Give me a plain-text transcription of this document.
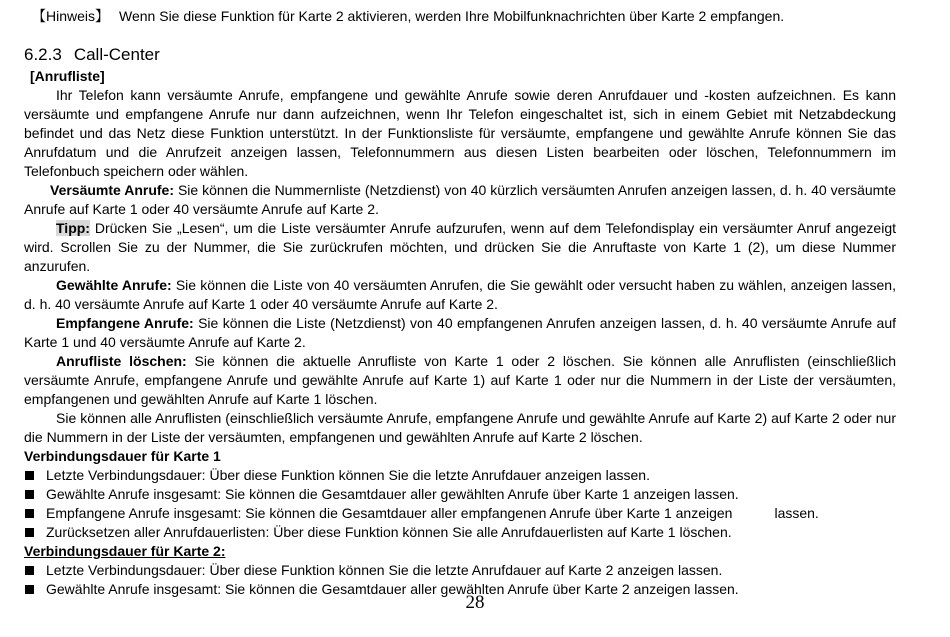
【Hinweis】 Wenn Sie diese Funktion für Karte 2 aktivieren, werden Ihre Mobilfunknachrichten über Karte 2 empfangen.
6.2.3 Call-Center
[Anrufliste]

Ihr Telefon kann versäumte Anrufe, empfangene und gewählte Anrufe sowie deren Anrufdauer und -kosten aufzeichnen. Es kann versäumte und empfangene Anrufe nur dann aufzeichnen, wenn Ihr Telefon eingeschaltet ist, sich in einem Gebiet mit Netzabdeckung befindet und das Netz diese Funktion unterstützt. In der Funktionsliste für versäumte, empfangene und gewählte Anrufe können Sie das Anrufdatum und die Anrufzeit anzeigen lassen, Telefonnummern aus diesen Listen bearbeiten oder löschen, Telefonnummern im Telefonbuch speichern oder wählen.

Versäumte Anrufe: Sie können die Nummernliste (Netzdienst) von 40 kürzlich versäumten Anrufen anzeigen lassen, d. h. 40 versäumte Anrufe auf Karte 1 oder 40 versäumte Anrufe auf Karte 2.

Tipp: Drücken Sie „Lesen“, um die Liste versäumter Anrufe aufzurufen, wenn auf dem Telefondisplay ein versäumter Anruf angezeigt wird. Scrollen Sie zu der Nummer, die Sie zurückrufen möchten, und drücken Sie die Anruftaste von Karte 1 (2), um diese Nummer anzurufen.

Gewählte Anrufe: Sie können die Liste von 40 versäumten Anrufen, die Sie gewählt oder versucht haben zu wählen, anzeigen lassen, d. h. 40 versäumte Anrufe auf Karte 1 oder 40 versäumte Anrufe auf Karte 2.

Empfangene Anrufe: Sie können die Liste (Netzdienst) von 40 empfangenen Anrufen anzeigen lassen, d. h. 40 versäumte Anrufe auf Karte 1 und 40 versäumte Anrufe auf Karte 2.

Anrufliste löschen: Sie können die aktuelle Anrufliste von Karte 1 oder 2 löschen. Sie können alle Anruflisten (einschließlich versäumte Anrufe, empfangene Anrufe und gewählte Anrufe auf Karte 1) auf Karte 1 oder nur die Nummern in der Liste der versäumten, empfangenen und gewählten Anrufe auf Karte 1 löschen.

Sie können alle Anruflisten (einschließlich versäumte Anrufe, empfangene Anrufe und gewählte Anrufe auf Karte 2) auf Karte 2 oder nur die Nummern in der Liste der versäumten, empfangenen und gewählten Anrufe auf Karte 2 löschen.

Verbindungsdauer für Karte 1

Letzte Verbindungsdauer: Über diese Funktion können Sie die letzte Anrufdauer anzeigen lassen.
Gewählte Anrufe insgesamt: Sie können die Gesamtdauer aller gewählten Anrufe über Karte 1 anzeigen lassen.
Empfangene Anrufe insgesamt: Sie können die Gesamtdauer aller empfangenen Anrufe über Karte 1 anzeigen	lassen.
Zurücksetzen aller Anrufdauerlisten: Über diese Funktion können Sie alle Anrufdauerlisten auf Karte 1 löschen.

Verbindungsdauer für Karte 2:

Letzte Verbindungsdauer: Über diese Funktion können Sie die letzte Anrufdauer auf Karte 2 anzeigen lassen.
Gewählte Anrufe insgesamt: Sie können die Gesamtdauer aller gewählten Anrufe über Karte 2 anzeigen lassen.
28
